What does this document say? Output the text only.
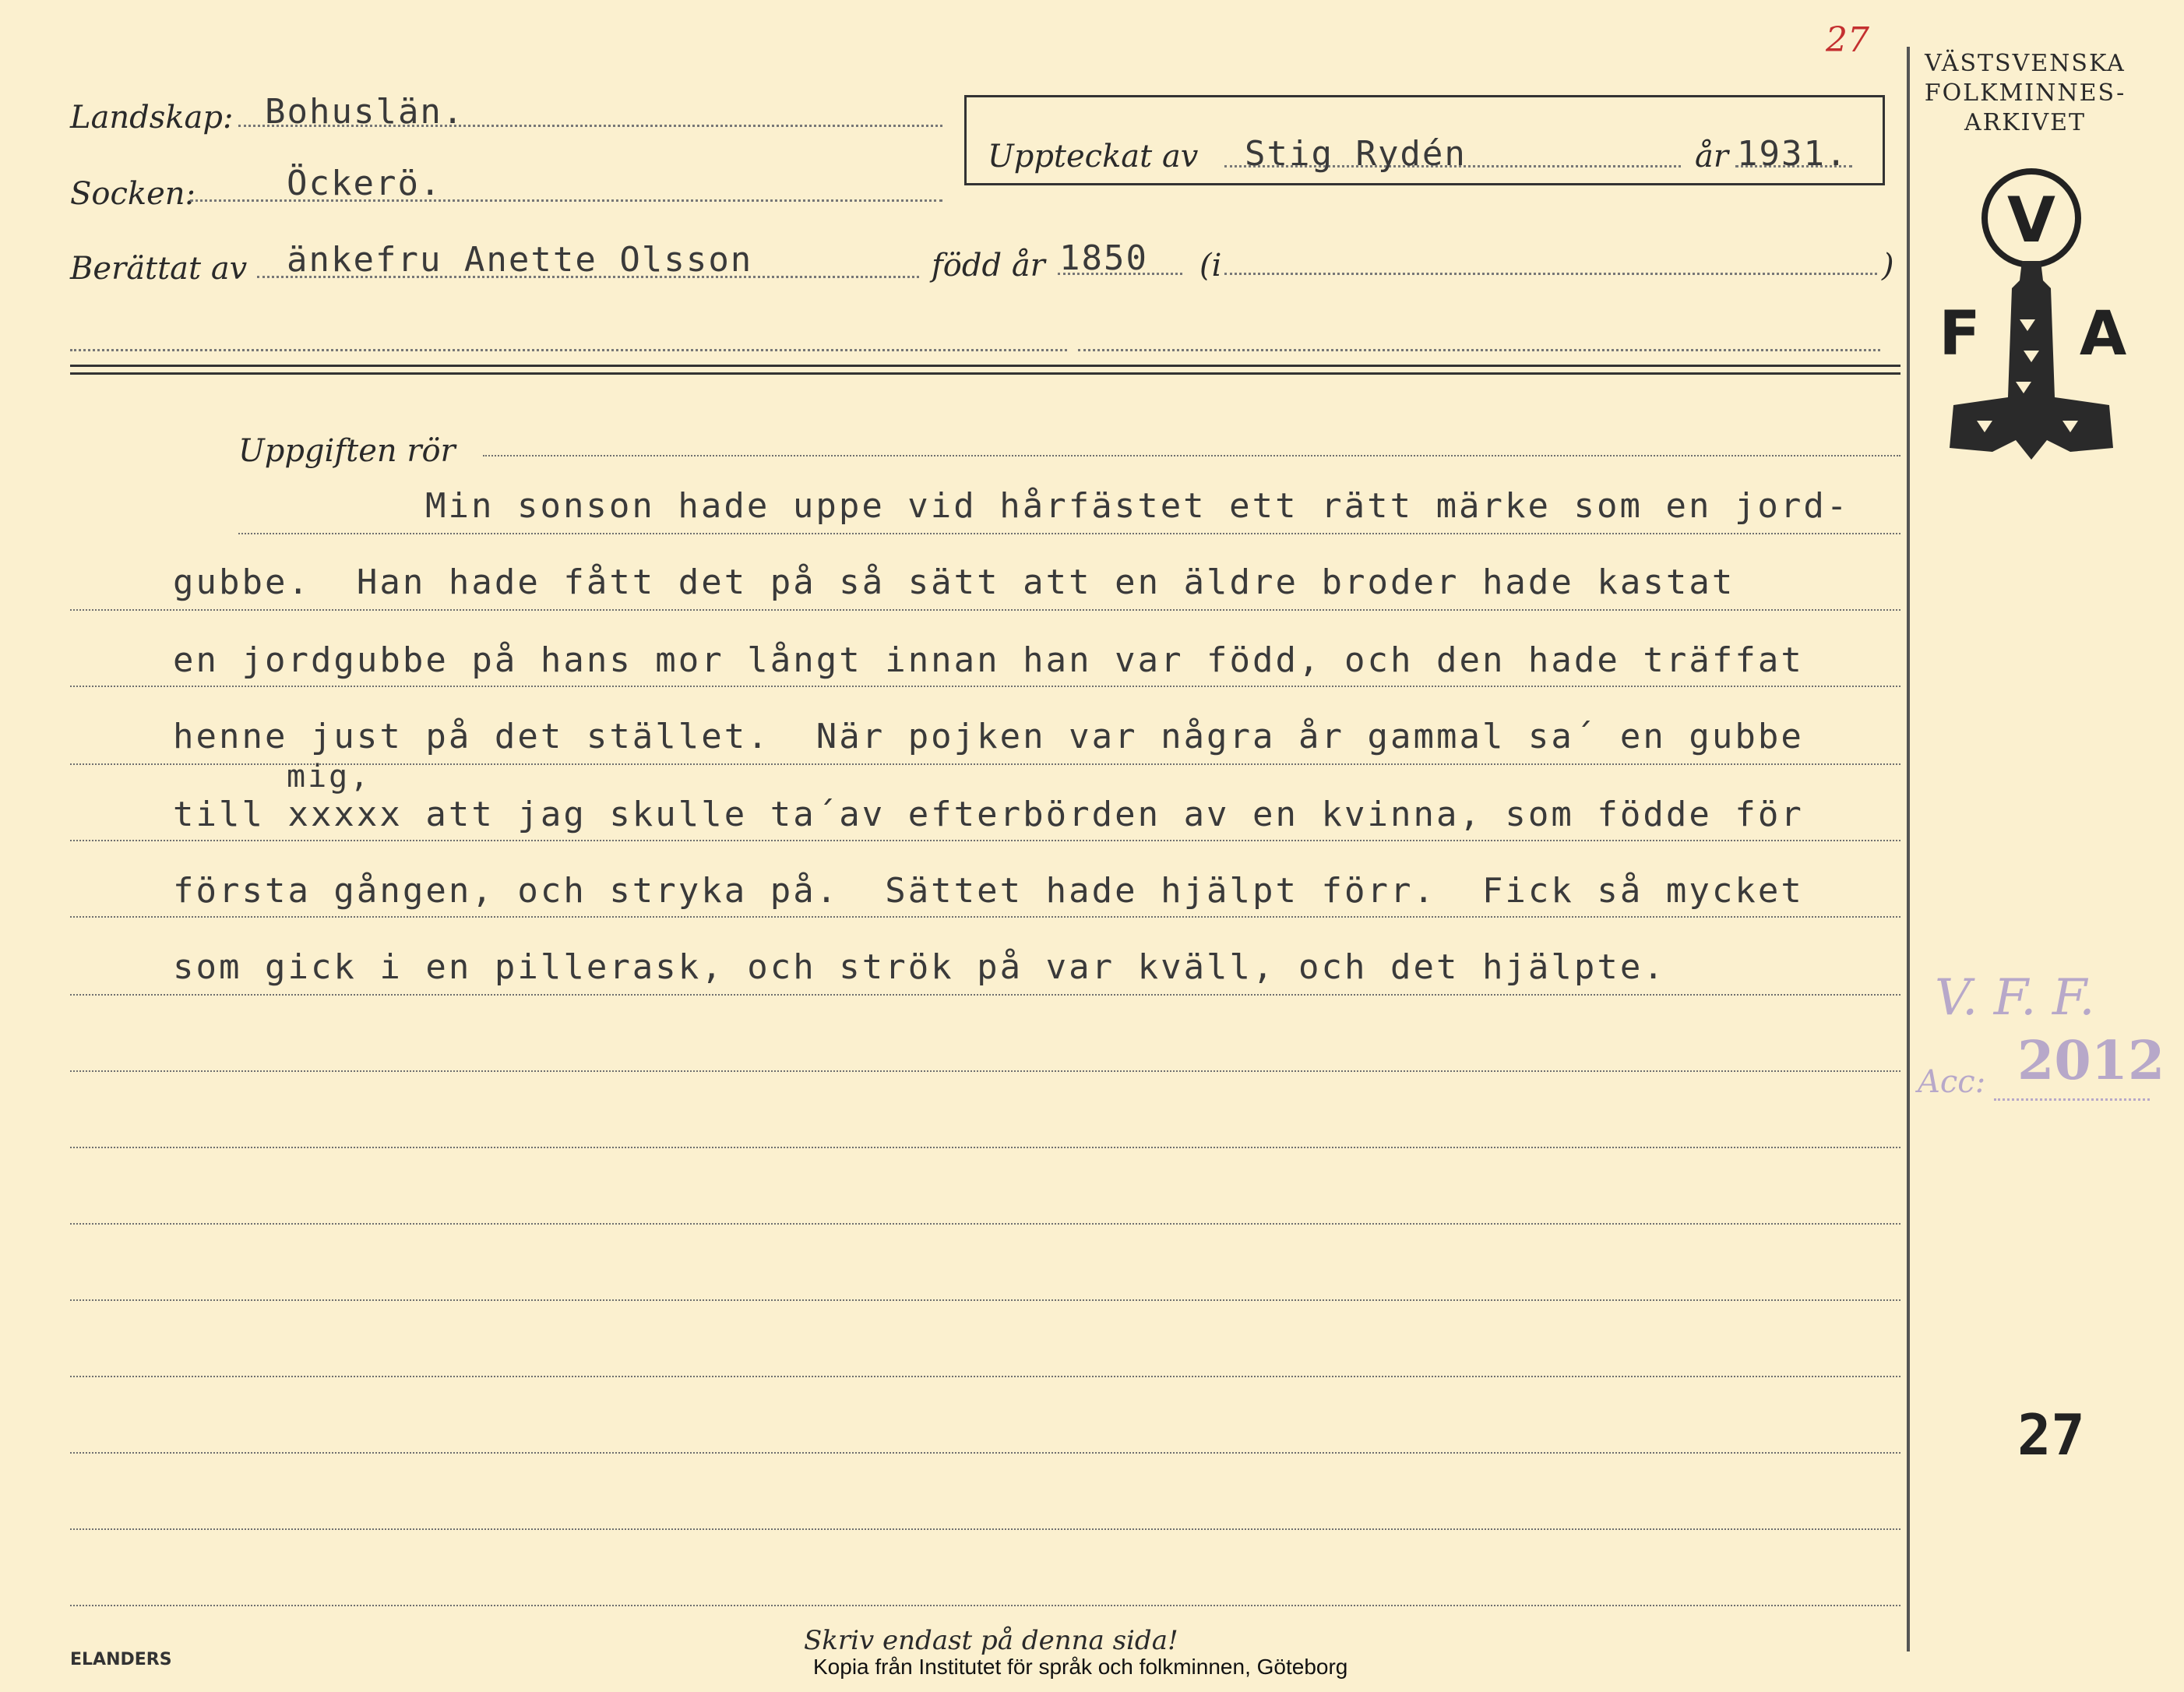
27
Landskap: Bohuslän.
Socken:	Öckerö.
Uppteckat av Stig Rydén	år 1931.
Berättat av änkefru Anette Olsson	född år 1850 (i	)
Uppgiften rör
Min sonson hade uppe vid hårfästet ett rätt märke som en jord-
gubbe.  Han hade fått det på så sätt att en äldre broder hade kastat
en jordgubbe på hans mor långt innan han var född, och den hade träffat
henne just på det stället.  När pojken var några år gammal sa´ en gubbe
mig,
till xxxxx att jag skulle ta´av efterbörden av en kvinna, som födde för
första gången, och stryka på.  Sättet hade hjälpt förr.  Fick så mycket
som gick i en pillerask, och strök på var kväll, och det hjälpte.
VÄSTSVENSKA
FOLKMINNES-
ARKIVET
V
F A
V. F. F.
Acc: 2012
27
Skriv endast på denna sida!
Kopia från Institutet för språk och folkminnen, Göteborg
ELANDERS
